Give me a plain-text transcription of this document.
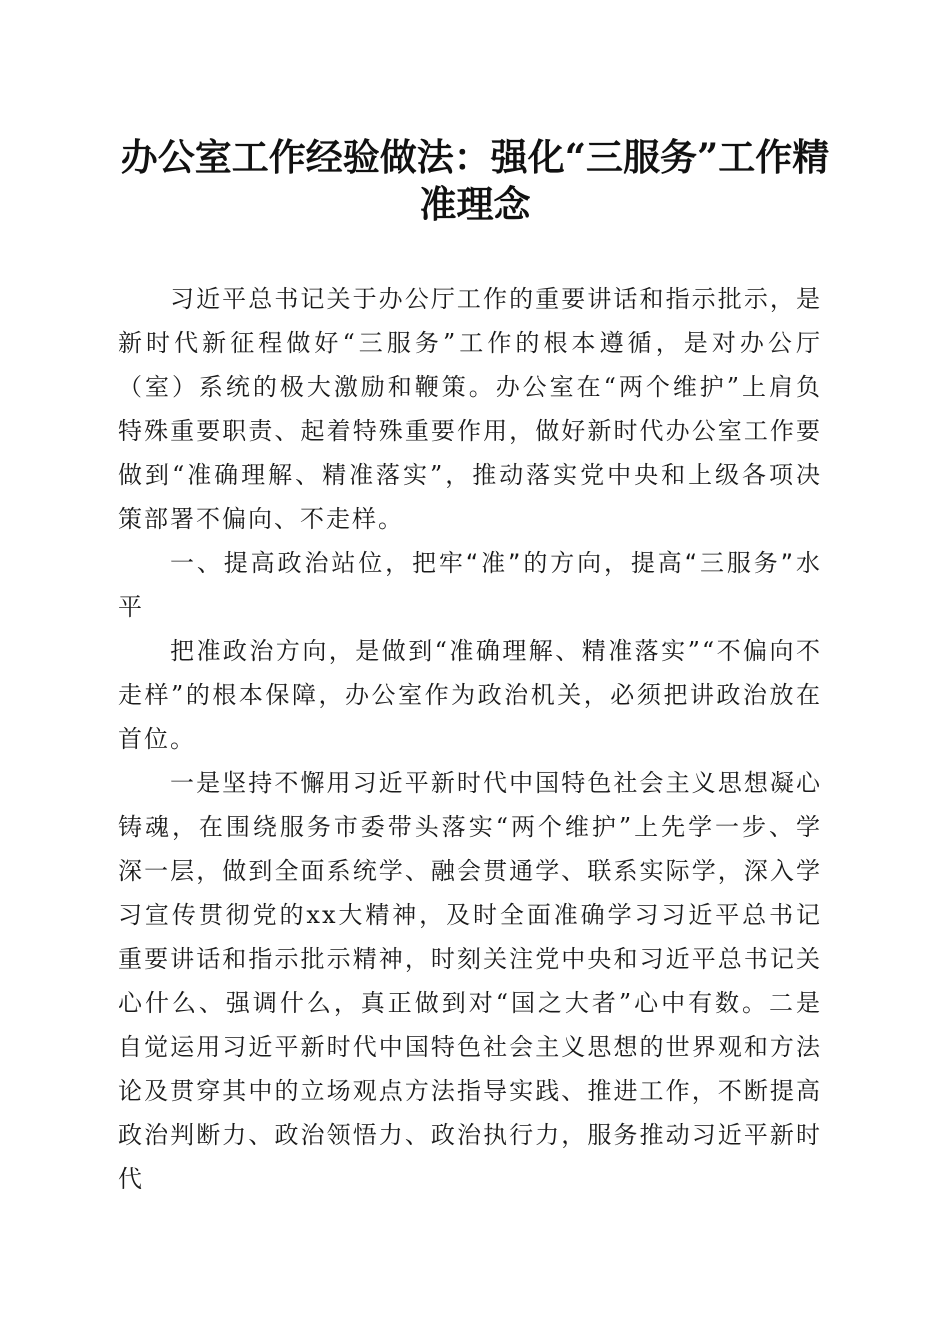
办公室工作经验做法：强化“三服务”工作精准理念

习近平总书记关于办公厅工作的重要讲话和指示批示，是新时代新征程做好“三服务”工作的根本遵循，是对办公厅（室）系统的极大激励和鞭策。办公室在“两个维护”上肩负特殊重要职责、起着特殊重要作用，做好新时代办公室工作要做到“准确理解、精准落实”，推动落实党中央和上级各项决策部署不偏向、不走样。

一、提高政治站位，把牢“准”的方向，提高“三服务”水平

把准政治方向，是做到“准确理解、精准落实”“不偏向不走样”的根本保障，办公室作为政治机关，必须把讲政治放在首位。

一是坚持不懈用习近平新时代中国特色社会主义思想凝心铸魂，在围绕服务市委带头落实“两个维护”上先学一步、学深一层，做到全面系统学、融会贯通学、联系实际学，深入学习宣传贯彻党的xx大精神，及时全面准确学习习近平总书记重要讲话和指示批示精神，时刻关注党中央和习近平总书记关心什么、强调什么，真正做到对“国之大者”心中有数。二是自觉运用习近平新时代中国特色社会主义思想的世界观和方法论及贯穿其中的立场观点方法指导实践、推进工作，不断提高政治判断力、政治领悟力、政治执行力，服务推动习近平新时代
